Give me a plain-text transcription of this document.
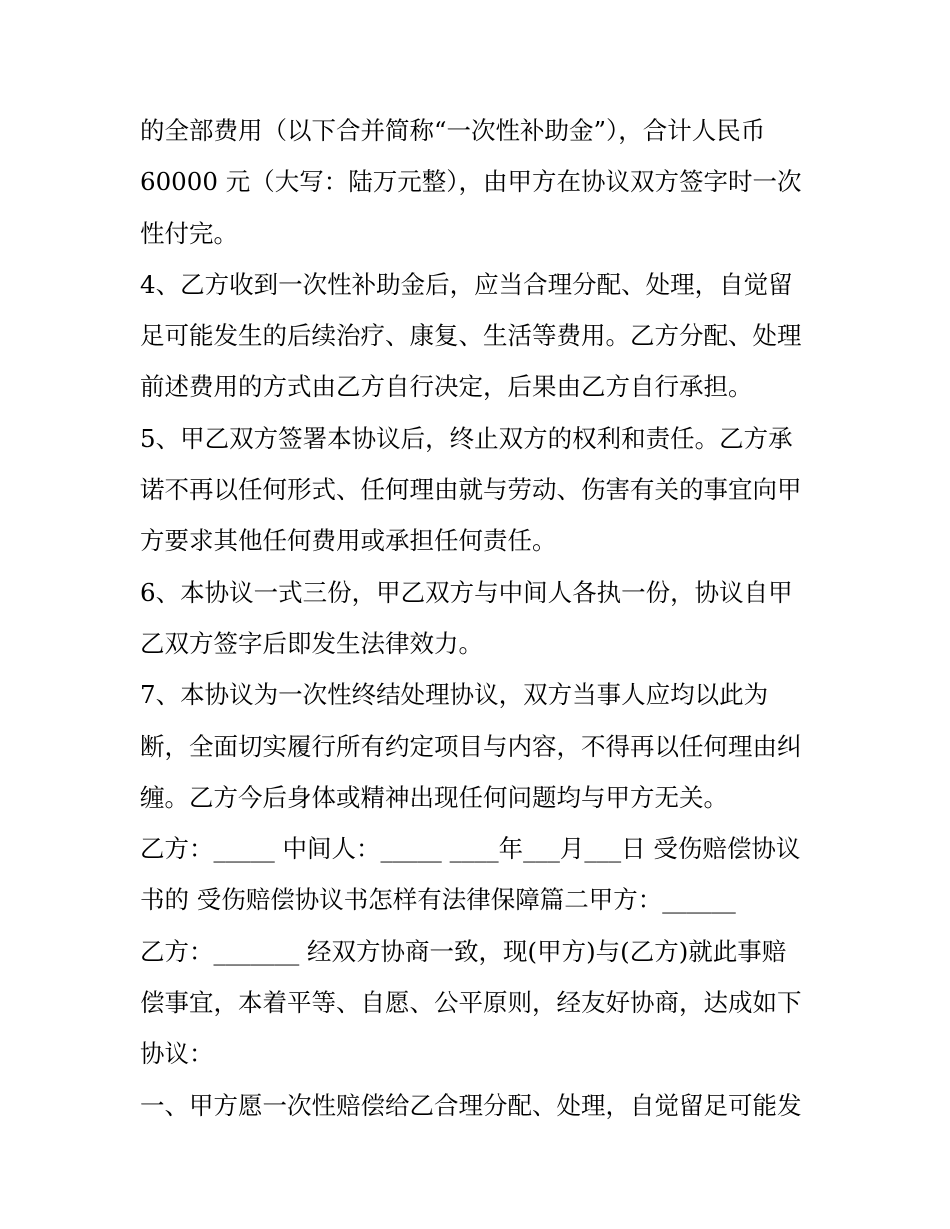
的全部费用（以下合并简称“一次性补助金”），合计人民币
60000 元（大写：陆万元整），由甲方在协议双方签字时一次
性付完。
4、乙方收到一次性补助金后，应当合理分配、处理，自觉留
足可能发生的后续治疗、康复、生活等费用。乙方分配、处理
前述费用的方式由乙方自行决定，后果由乙方自行承担。
5、甲乙双方签署本协议后，终止双方的权利和责任。乙方承
诺不再以任何形式、任何理由就与劳动、伤害有关的事宜向甲
方要求其他任何费用或承担任何责任。
6、本协议一式三份，甲乙双方与中间人各执一份，协议自甲
乙双方签字后即发生法律效力。
7、本协议为一次性终结处理协议，双方当事人应均以此为
断，全面切实履行所有约定项目与内容，不得再以任何理由纠
缠。乙方今后身体或精神出现任何问题均与甲方无关。
乙方：_____ 中间人：_____ ____年___月___日 受伤赔偿协议
书的 受伤赔偿协议书怎样有法律保障篇二甲方：______
乙方：_______ 经双方协商一致，现(甲方)与(乙方)就此事赔
偿事宜，本着平等、自愿、公平原则，经友好协商，达成如下
协议：
一、甲方愿一次性赔偿给乙合理分配、处理，自觉留足可能发
